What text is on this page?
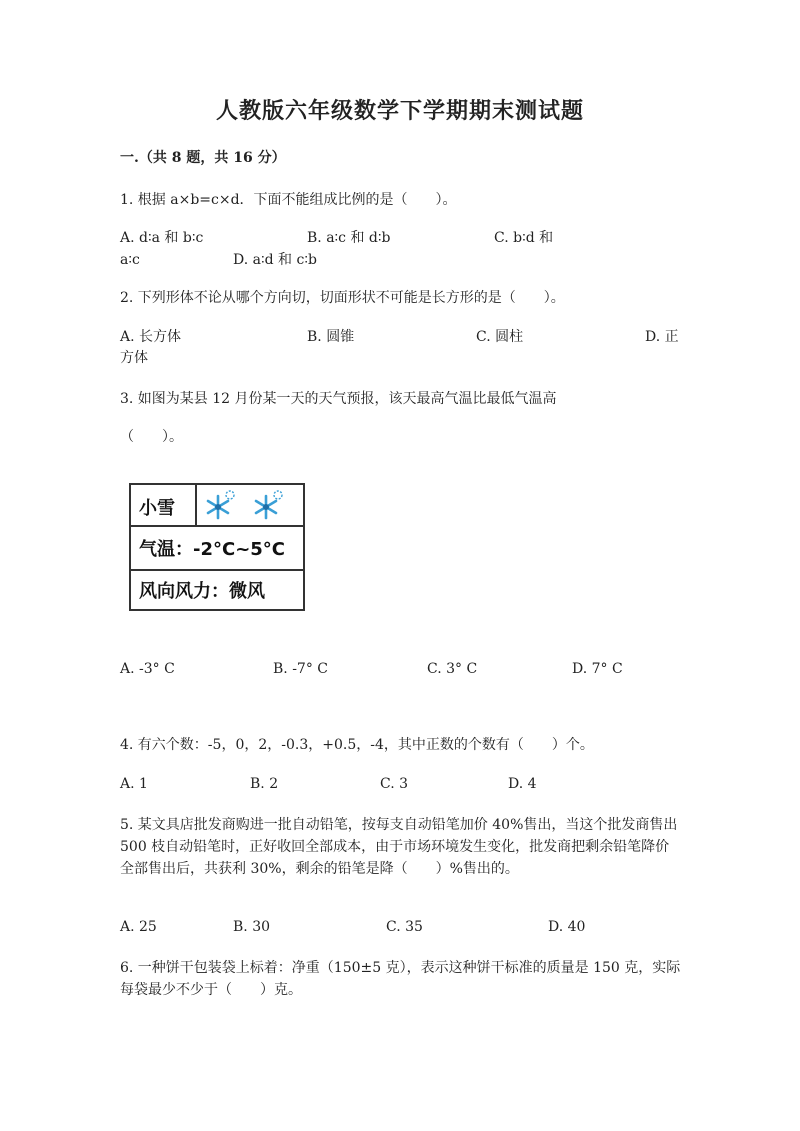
人教版六年级数学下学期期末测试题
一.（共 8 题，共 16 分）
1. 根据 a×b=c×d．下面不能组成比例的是（　　）。
A. d∶a 和 b∶c	B. a∶c 和 d∶b	C. b∶d 和
a∶c	D. a∶d 和 c∶b
2. 下列形体不论从哪个方向切，切面形状不可能是长方形的是（　　）。
A. 长方体	B. 圆锥	C. 圆柱	D. 正
方体
3. 如图为某县 12 月份某一天的天气预报，该天最高气温比最低气温高
（　　）。
小雪
气温：-2°C~5°C
风向风力：微风
A. -3° C	B. -7° C	C. 3° C	D. 7° C
4. 有六个数：-5，0，2，-0.3，+0.5，-4，其中正数的个数有（　　）个。
A. 1	B. 2	C. 3	D. 4
5. 某文具店批发商购进一批自动铅笔，按每支自动铅笔加价 40%售出，当这个批发商售出 500 枝自动铅笔时，正好收回全部成本，由于市场环境发生变化，批发商把剩余铅笔降价全部售出后，共获利 30%，剩余的铅笔是降（　　）%售出的。
A. 25	B. 30	C. 35	D. 40
6. 一种饼干包装袋上标着：净重（150±5 克），表示这种饼干标准的质量是 150 克，实际每袋最少不少于（　　）克。
